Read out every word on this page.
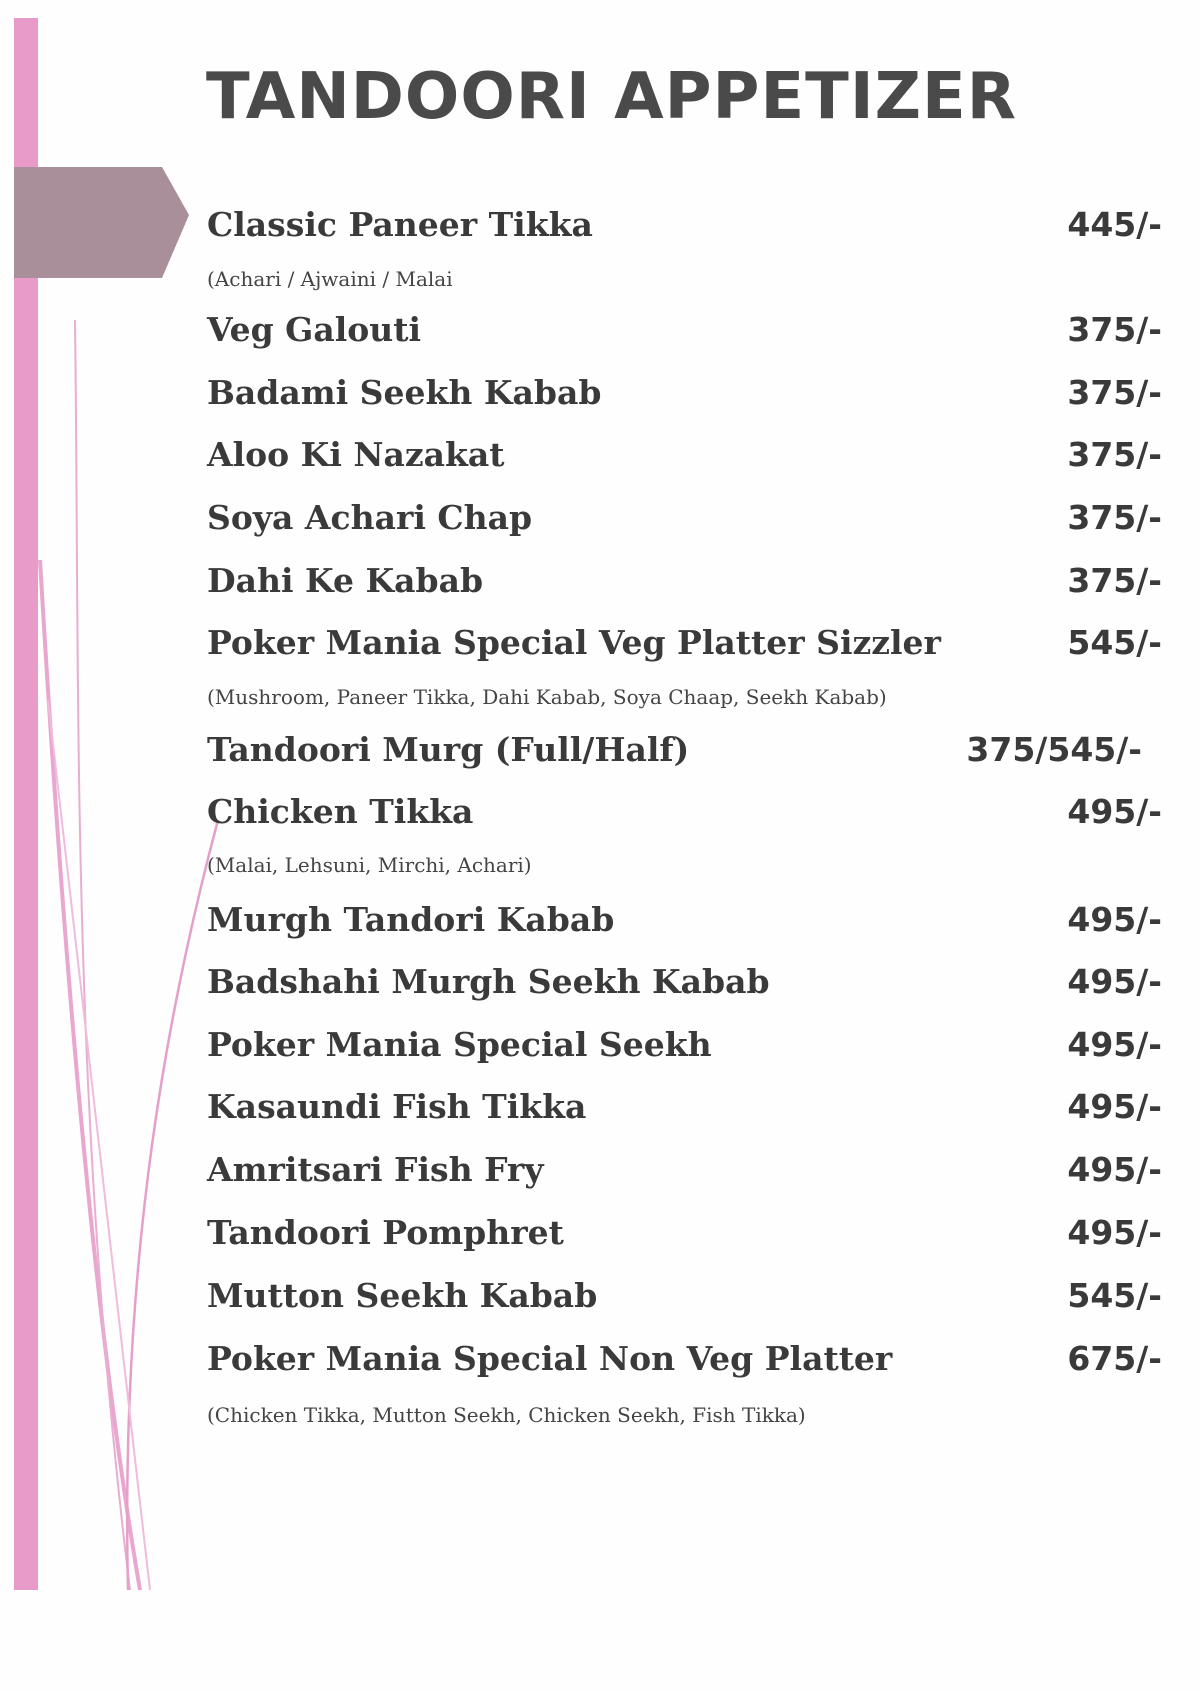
TANDOORI APPETIZER
Classic Paneer Tikka	445/-
(Achari / Ajwaini / Malai
Veg Galouti	375/-
Badami Seekh Kabab	375/-
Aloo Ki Nazakat	375/-
Soya Achari Chap	375/-
Dahi Ke Kabab	375/-
Poker Mania Special Veg Platter Sizzler	545/-
(Mushroom, Paneer Tikka, Dahi Kabab, Soya Chaap, Seekh Kabab)
Tandoori Murg (Full/Half)	375/545/-
Chicken Tikka	495/-
(Malai, Lehsuni, Mirchi, Achari)
Murgh Tandori Kabab	495/-
Badshahi Murgh Seekh Kabab	495/-
Poker Mania Special Seekh	495/-
Kasaundi Fish Tikka	495/-
Amritsari Fish Fry	495/-
Tandoori Pomphret	495/-
Mutton Seekh Kabab	545/-
Poker Mania Special Non Veg Platter	675/-
(Chicken Tikka, Mutton Seekh, Chicken Seekh, Fish Tikka)
